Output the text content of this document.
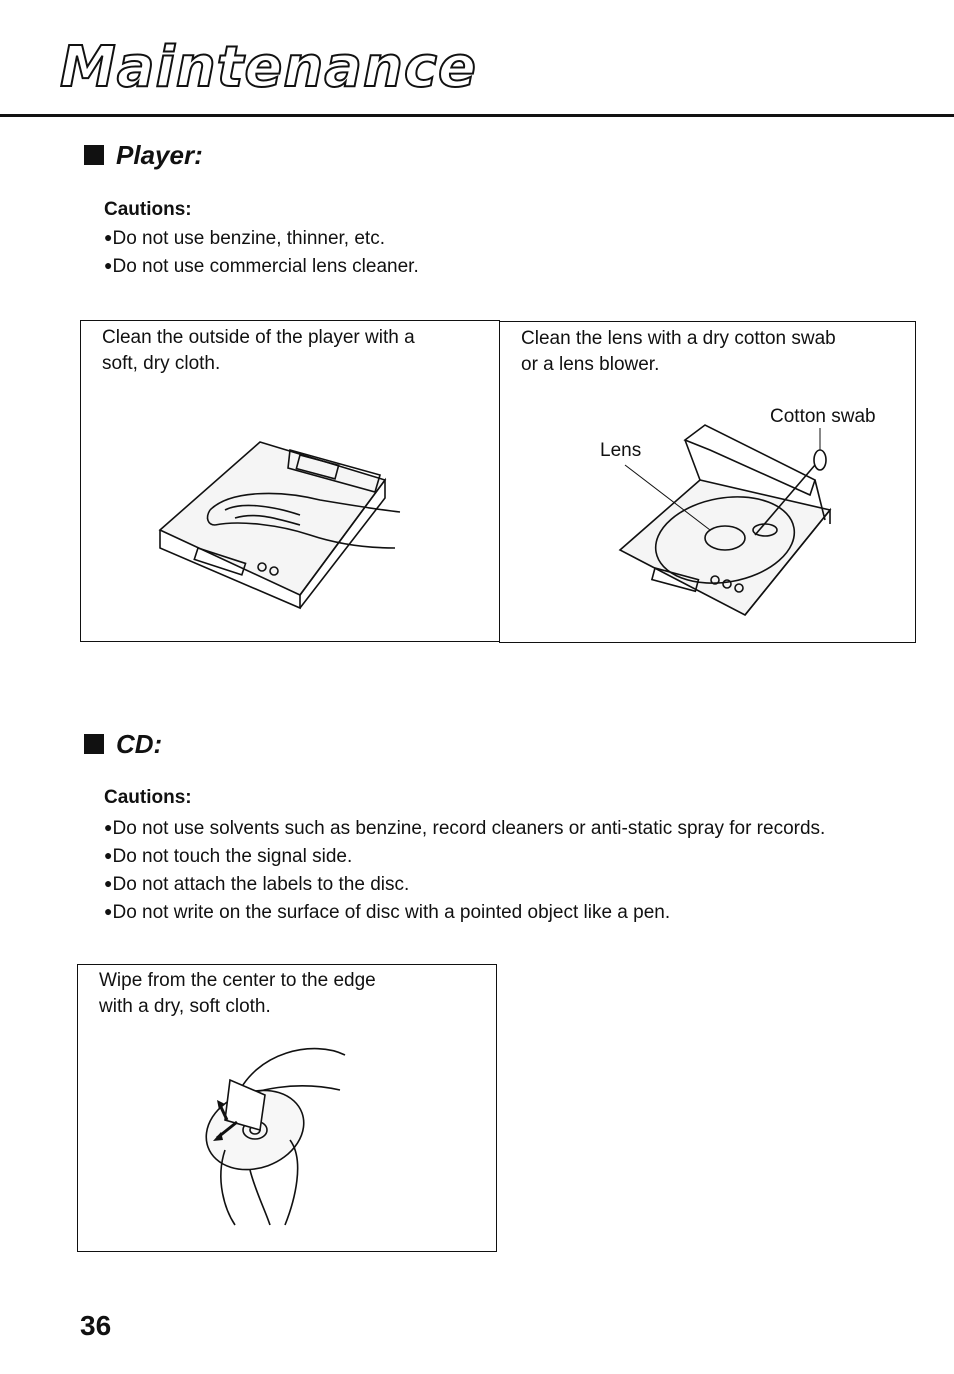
Maintenance
Player:
Cautions:
● Do not use benzine, thinner, etc.
● Do not use commercial lens cleaner.
Clean the outside of the player with a
soft, dry cloth.
Clean the lens with a dry cotton swab
or a lens blower.
Cotton swab
Lens
CD:
Cautions:
● Do not use solvents such as benzine, record cleaners or anti-static spray for records.
● Do not touch the signal side.
● Do not attach the labels to the disc.
● Do not write on the surface of disc with a pointed object like a pen.
Wipe from the center to the edge
with a dry, soft cloth.
36
